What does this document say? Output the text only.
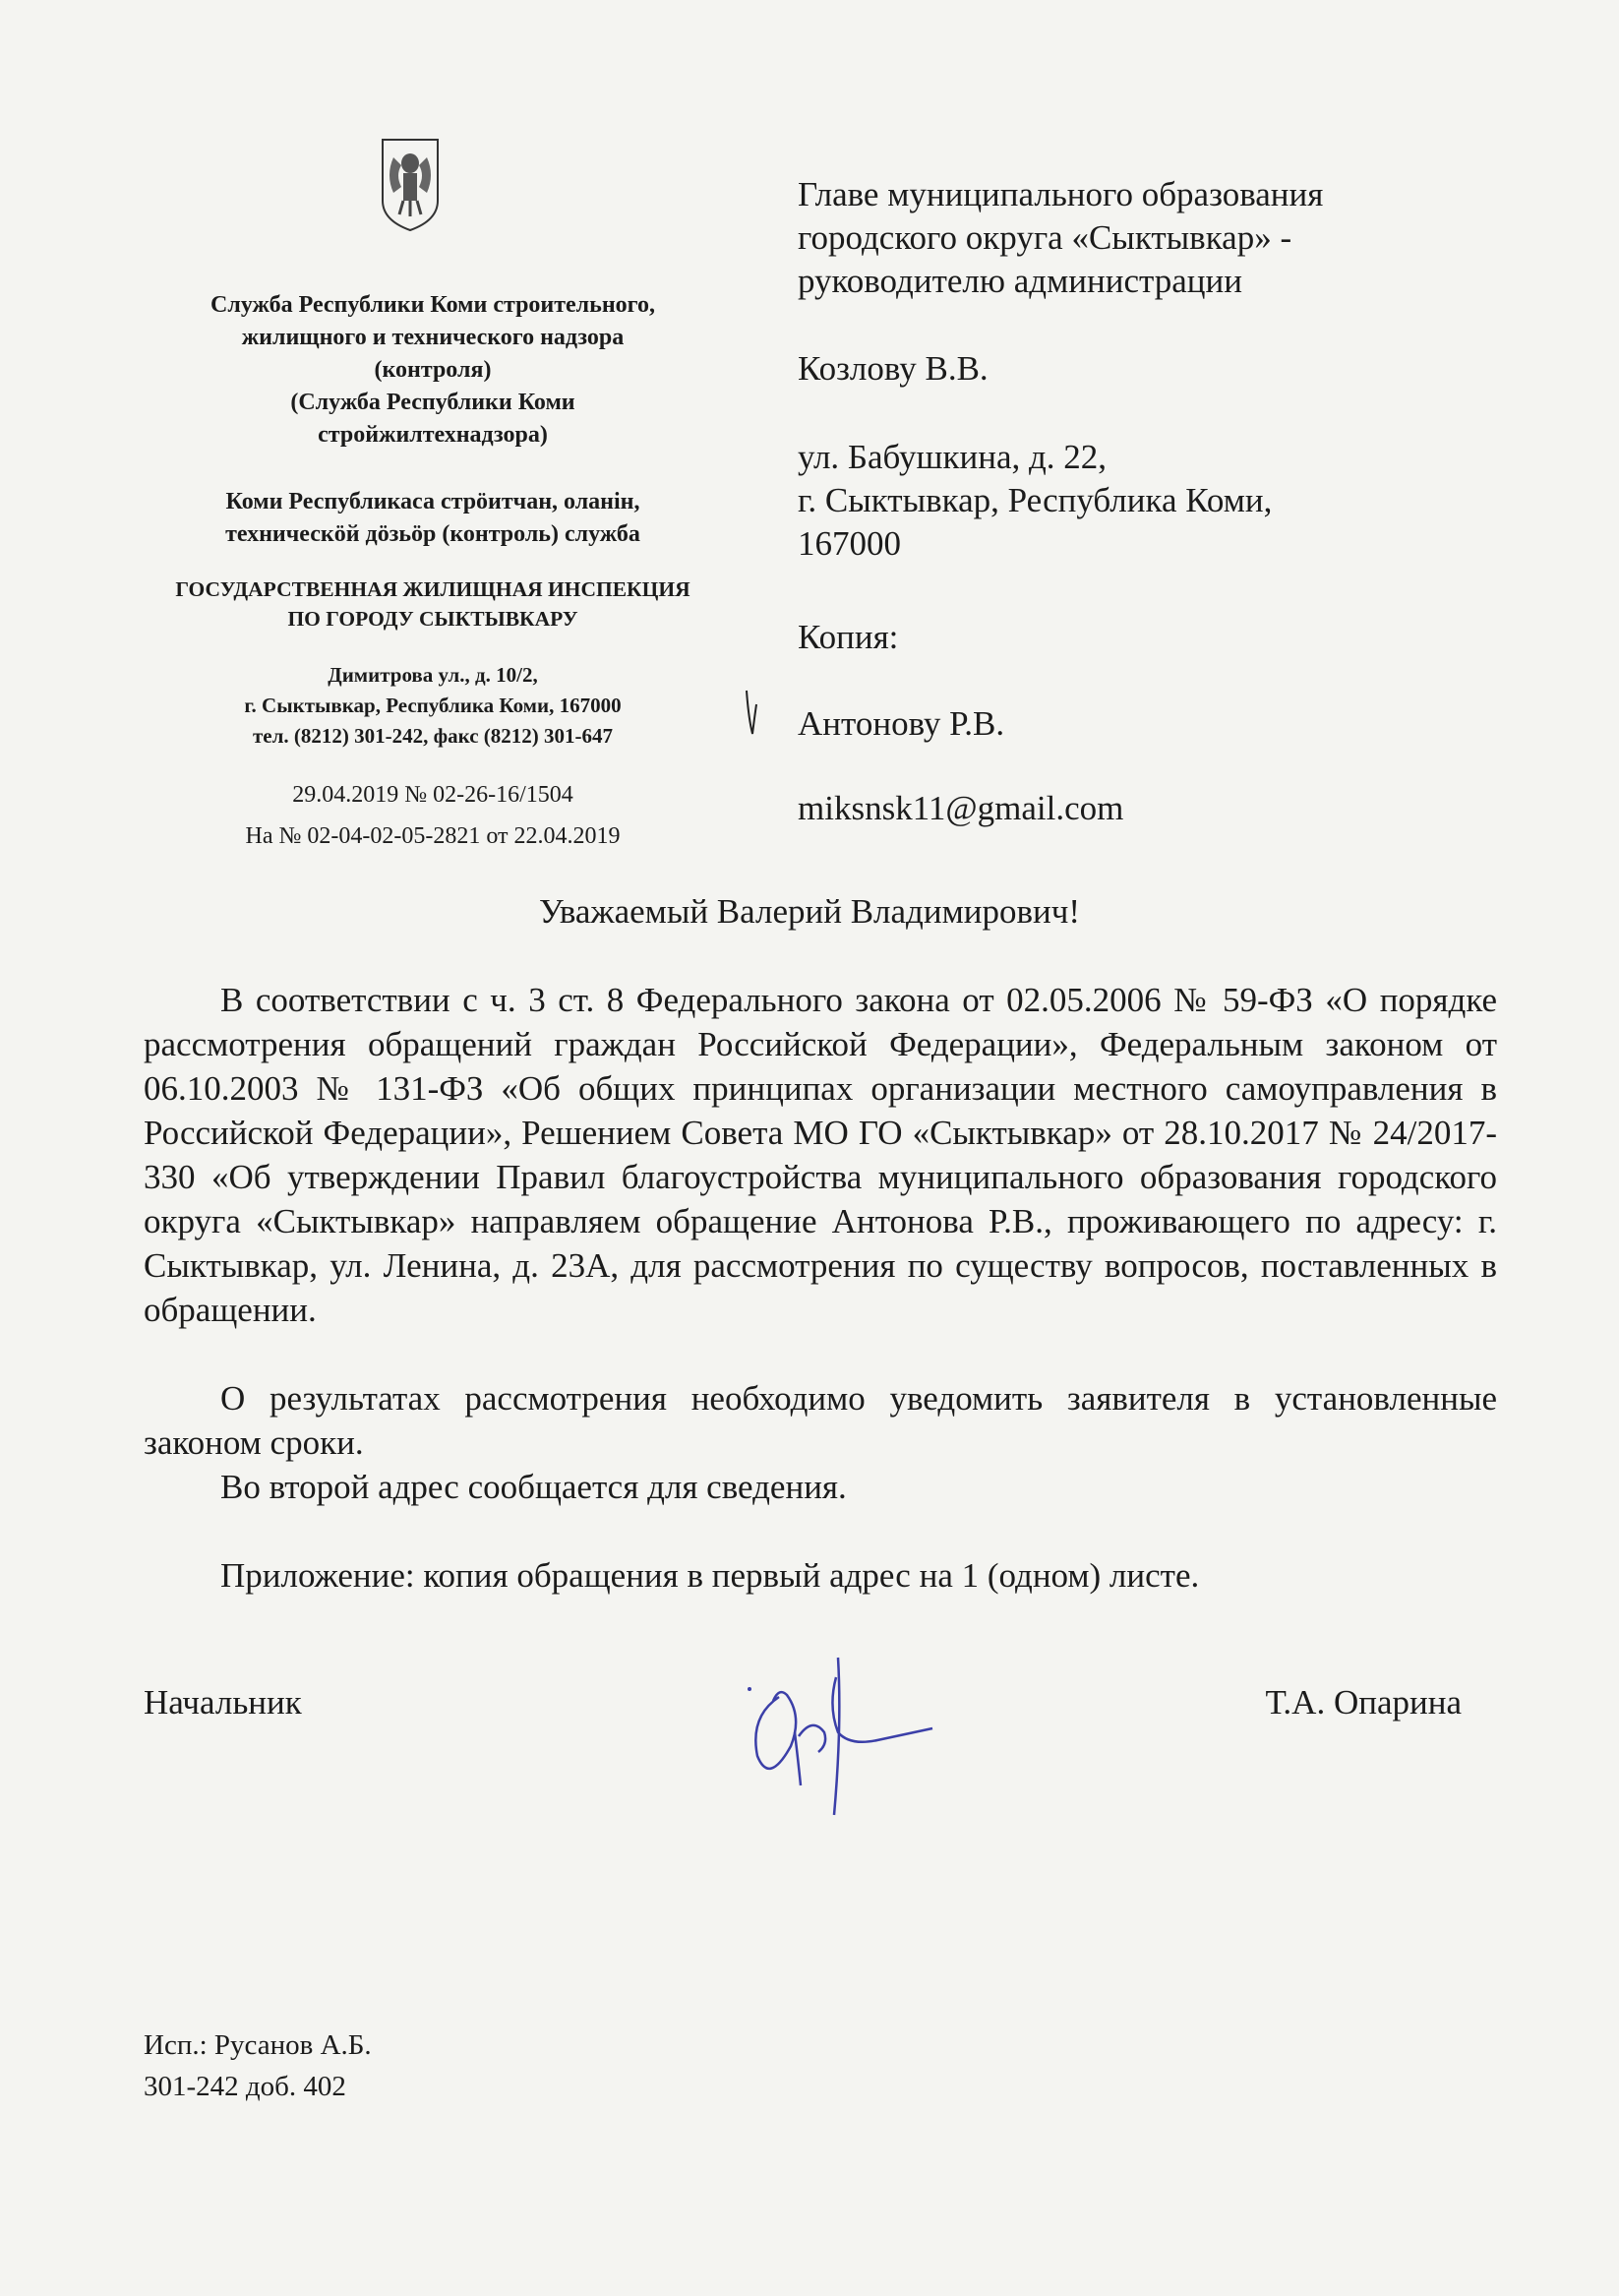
Служба Республики Коми строительного,
жилищного и технического надзора
(контроля)
(Служба Республики Коми
стройжилтехнадзора)
Коми Республикаса стрӧитчан, оланiн,
техническӧй дӧзьӧр (контроль) служба
ГОСУДАРСТВЕННАЯ ЖИЛИЩНАЯ ИНСПЕКЦИЯ
ПО ГОРОДУ СЫКТЫВКАРУ
Димитрова ул., д. 10/2,
г. Сыктывкар, Республика Коми, 167000
тел. (8212) 301-242, факс (8212) 301-647
29.04.2019 № 02-26-16/1504
На № 02-04-02-05-2821 от 22.04.2019
Главе муниципального образования
городского округа «Сыктывкар» -
руководителю администрации
Козлову В.В.
ул. Бабушкина, д. 22,
г. Сыктывкар, Республика Коми,
167000
Копия:
Антонову Р.В.
miksnsk11@gmail.com
Уважаемый Валерий Владимирович!

В соответствии с ч. 3 ст. 8 Федерального закона от 02.05.2006 № 59-ФЗ «О порядке рассмотрения обращений граждан Российской Федерации», Федеральным законом от 06.10.2003 № 131-ФЗ «Об общих принципах организации местного самоуправления в Российской Федерации», Решением Совета МО ГО «Сыктывкар» от 28.10.2017 № 24/2017-330 «Об утверждении Правил благоустройства муниципального образования городского округа «Сыктывкар» направляем обращение Антонова Р.В., проживающего по адресу: г. Сыктывкар, ул. Ленина, д. 23А, для рассмотрения по существу вопросов, поставленных в обращении.

О результатах рассмотрения необходимо уведомить заявителя в установленные законом сроки.

Во второй адрес сообщается для сведения.

Приложение: копия обращения в первый адрес на 1 (одном) листе.

Начальник	Т.А. Опарина
Исп.: Русанов А.Б.
301-242 доб. 402
